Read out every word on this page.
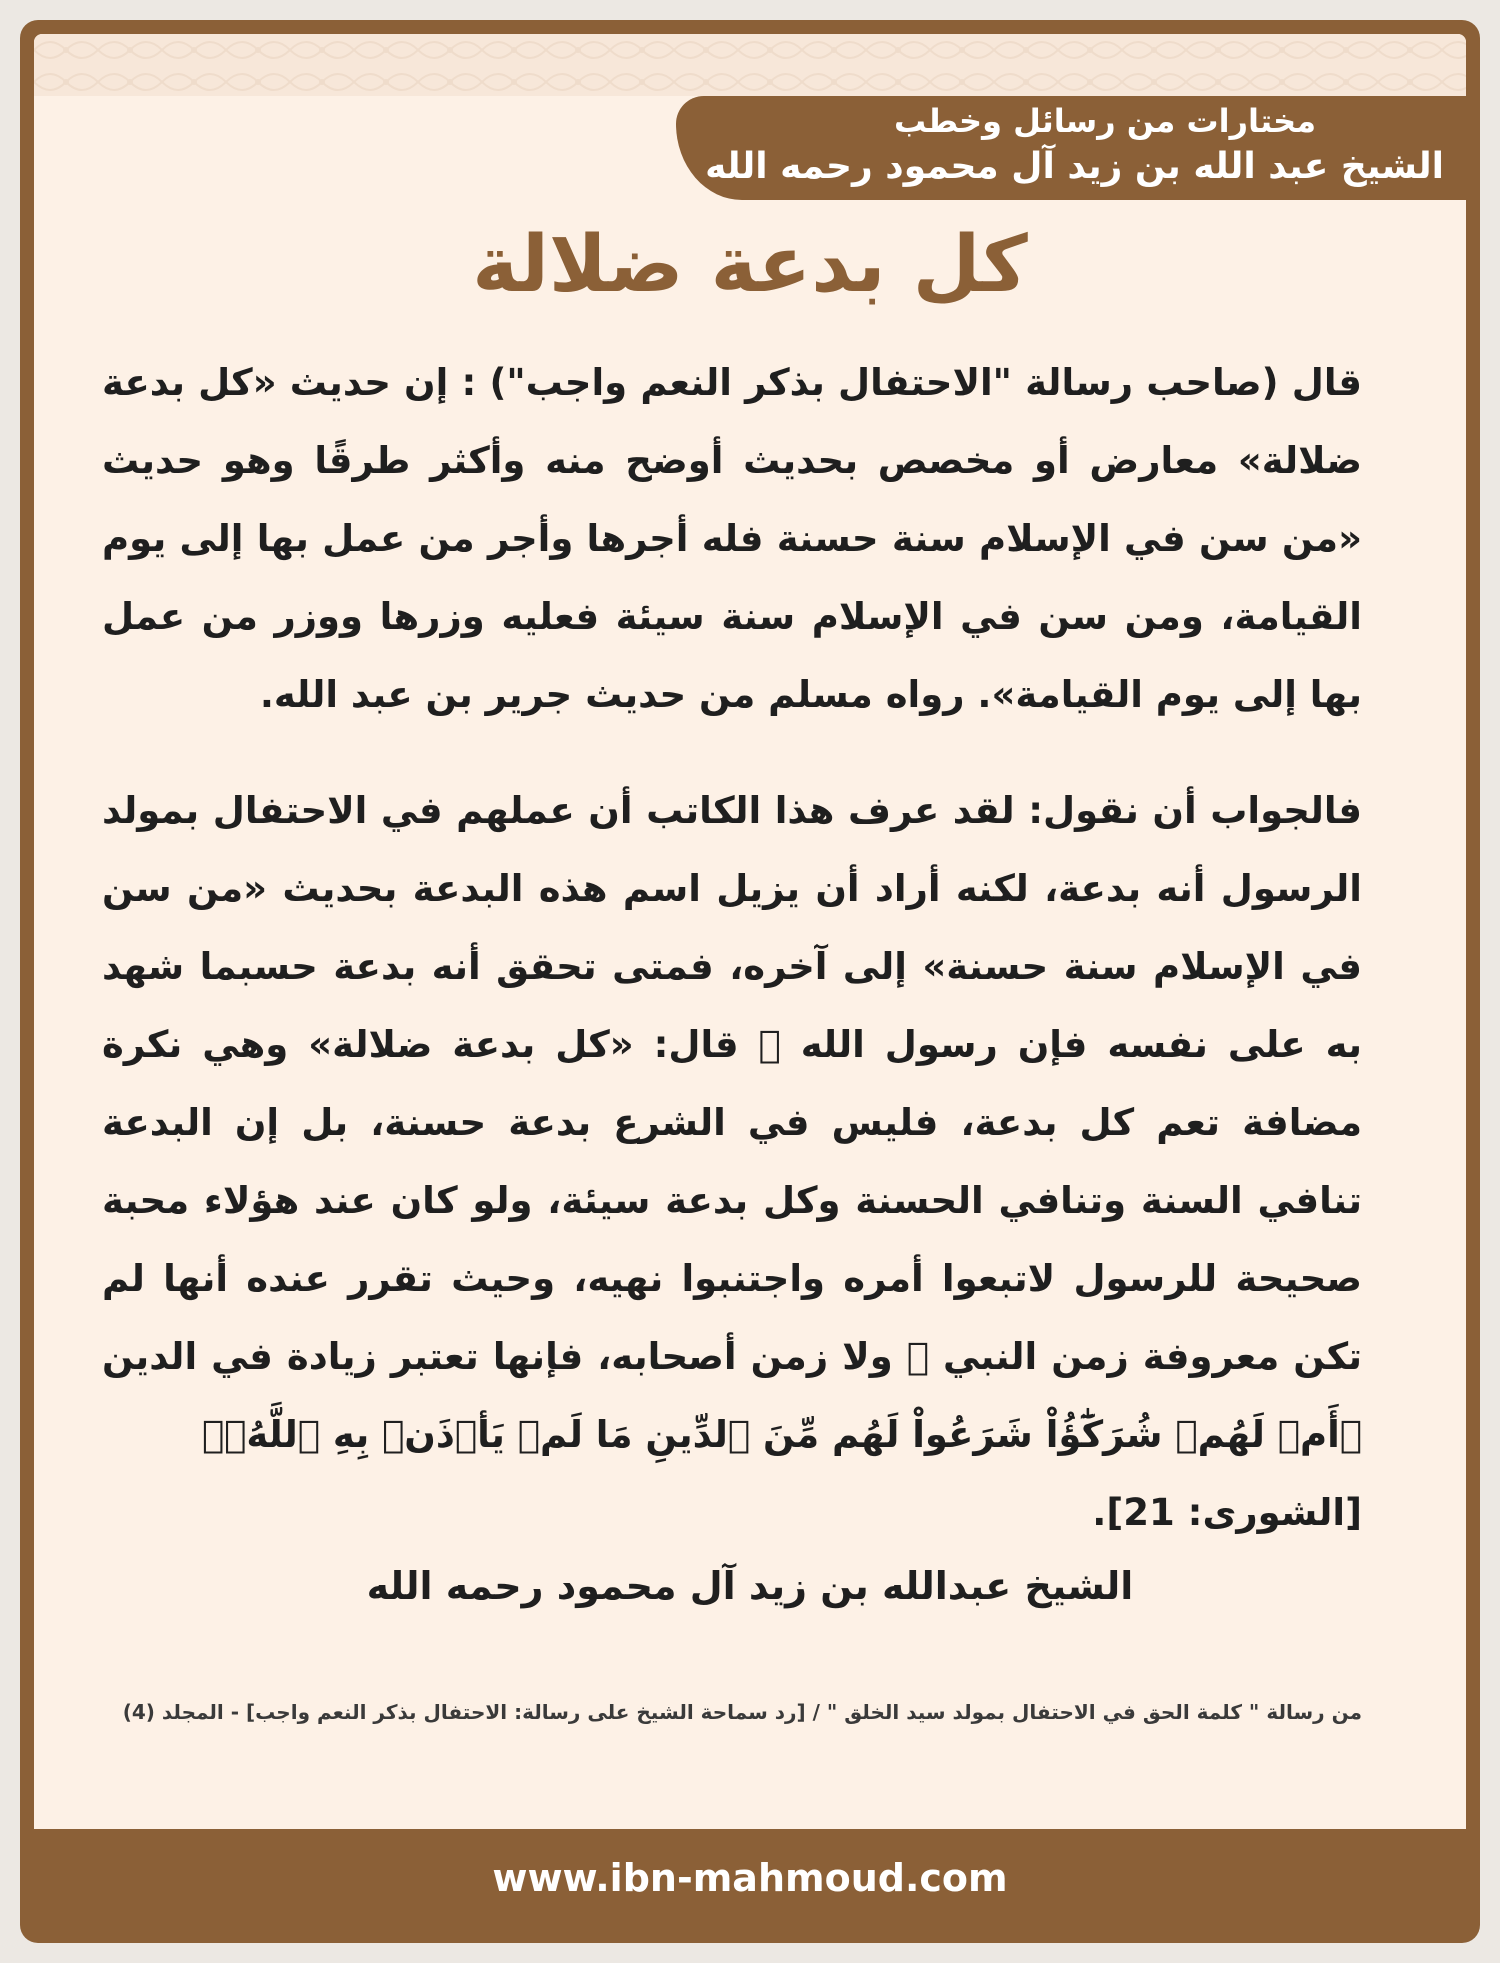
مختارات من رسائل وخطب
الشيخ عبد الله بن زيد آل محمود رحمه الله
كل بدعة ضلالة
قال (صاحب رسالة "الاحتفال بذكر النعم واجب") : إن حديث «كل بدعة ضلالة» معارض أو مخصص بحديث أوضح منه وأكثر طرقًا وهو حديث «من سن في الإسلام سنة حسنة فله أجرها وأجر من عمل بها إلى يوم القيامة، ومن سن في الإسلام سنة سيئة فعليه وزرها ووزر من عمل بها إلى يوم القيامة». رواه مسلم من حديث جرير بن عبد الله.
فالجواب أن نقول: لقد عرف هذا الكاتب أن عملهم في الاحتفال بمولد الرسول أنه بدعة، لكنه أراد أن يزيل اسم هذه البدعة بحديث «من سن في الإسلام سنة حسنة» إلى آخره، فمتى تحقق أنه بدعة حسبما شهد به على نفسه فإن رسول الله ﷺ قال: «كل بدعة ضلالة» وهي نكرة مضافة تعم كل بدعة، فليس في الشرع بدعة حسنة، بل إن البدعة تنافي السنة وتنافي الحسنة وكل بدعة سيئة، ولو كان عند هؤلاء محبة صحيحة للرسول لاتبعوا أمره واجتنبوا نهيه، وحيث تقرر عنده أنها لم تكن معروفة زمن النبي ﷺ ولا زمن أصحابه، فإنها تعتبر زيادة في الدين ﴿أَمۡ لَهُمۡ شُرَكَٰٓؤُاْ شَرَعُواْ لَهُم مِّنَ ٱلدِّينِ مَا لَمۡ يَأۡذَنۢ بِهِ ٱللَّهُۚ﴾
[الشورى: 21].
الشيخ عبدالله بن زيد آل محمود رحمه الله
من رسالة " كلمة الحق في الاحتفال بمولد سيد الخلق " / [رد سماحة الشيخ على رسالة: الاحتفال بذكر النعم واجب] - المجلد (4)
www.ibn-mahmoud.com
